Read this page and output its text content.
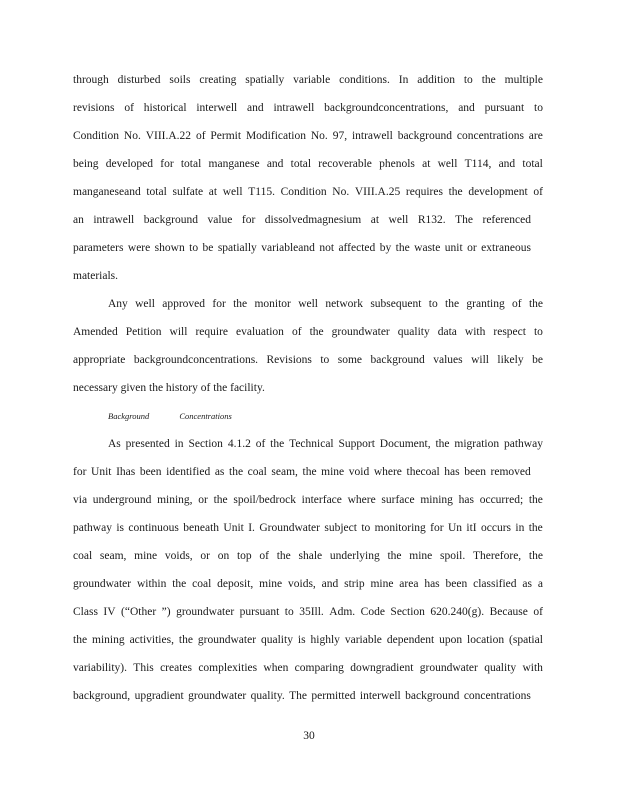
through disturbed soils creating spatially variable conditions. In addition to the multiple
revisions of historical interwell and intrawell backgroundconcentrations, and pursuant to
Condition No. VIII.A.22 of Permit Modification No. 97, intrawell background concentrations are
being developed for total manganese and total recoverable phenols at well T114, and total
manganeseand total sulfate at well T115. Condition No. VIII.A.25 requires the development of
an intrawell background value for dissolvedmagnesium at well R132. The referenced
parameters were shown to be spatially variableand not affected by the waste unit or extraneous
materials.
Any well approved for the monitor well network subsequent to the granting of the
Amended Petition will require evaluation of the groundwater quality data with respect to
appropriate backgroundconcentrations. Revisions to some background values will likely be
necessary given the history of the facility.
Background	Concentrations
As presented in Section 4.1.2 of the Technical Support Document, the migration pathway
for Unit Ihas been identified as the coal seam, the mine void where thecoal has been removed
via underground mining, or the spoil/bedrock interface where surface mining has occurred; the
pathway is continuous beneath Unit I. Groundwater subject to monitoring for Un itI occurs in the
coal seam, mine voids, or on top of the shale underlying the mine spoil. Therefore, the
groundwater within the coal deposit, mine voids, and strip mine area has been classified as a
Class IV (“Other ”) groundwater pursuant to 35Ill. Adm. Code Section 620.240(g). Because of
the mining activities, the groundwater quality is highly variable dependent upon location (spatial
variability). This creates complexities when comparing downgradient groundwater quality with
background, upgradient groundwater quality. The permitted interwell background concentrations
30
